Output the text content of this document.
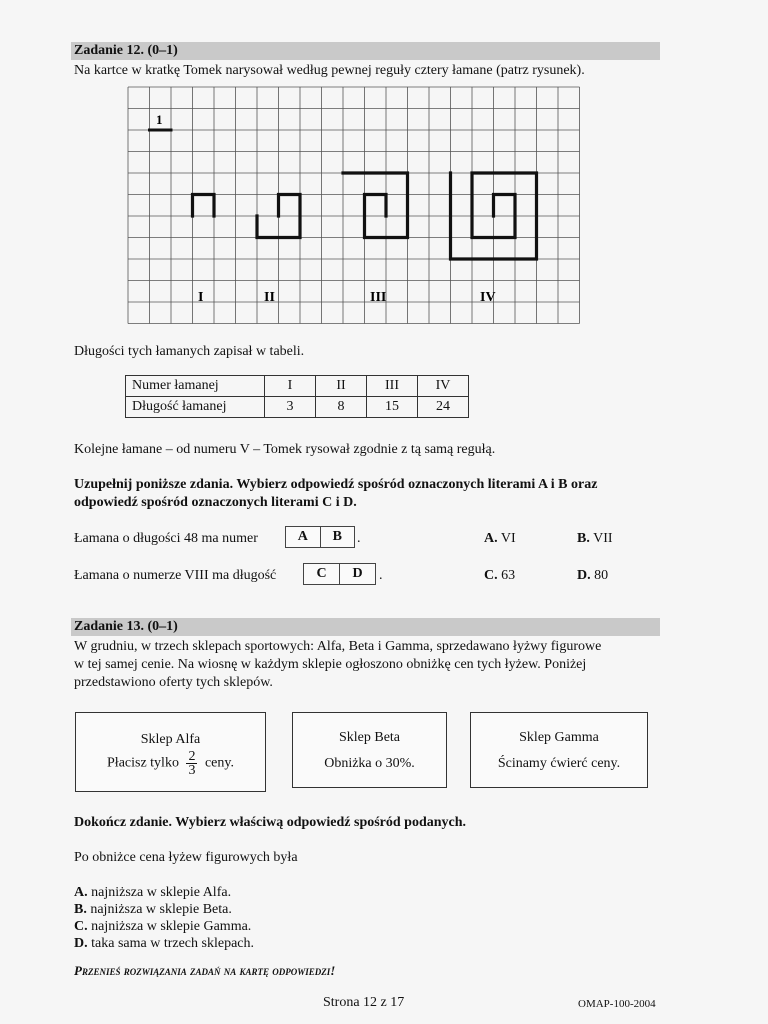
Zadanie 12. (0–1)
Na kartce w kratkę Tomek narysował według pewnej reguły cztery łamane (patrz rysunek).
1
I	II	III	IV
Długości tych łamanych zapisał w tabeli.
Numer łamanej	I	II	III	IV
Długość łamanej	3	8	15	24
Kolejne łamane – od numeru V – Tomek rysował zgodnie z tą samą regułą.
Uzupełnij poniższe zdania. Wybierz odpowiedź spośród oznaczonych literami A i B oraz
odpowiedź spośród oznaczonych literami C i D.
Łamana o długości 48 ma numer	A	B	.
Łamana o numerze VIII ma długość	C	D	.
A. VI	B. VII
C. 63	D. 80
Zadanie 13. (0–1)
W grudniu, w trzech sklepach sportowych: Alfa, Beta i Gamma, sprzedawano łyżwy figurowe
w tej samej cenie. Na wiosnę w każdym sklepie ogłoszono obniżkę cen tych łyżew. Poniżej
przedstawiono oferty tych sklepów.
Sklep Alfa
Płacisz tylko $\frac{2}{3}$ ceny.
Sklep Beta
Obniżka o 30%.
Sklep Gamma
Ścinamy ćwierć ceny.
Dokończ zdanie. Wybierz właściwą odpowiedź spośród podanych.
Po obniżce cena łyżew figurowych była
A. najniższa w sklepie Alfa.
B. najniższa w sklepie Beta.
C. najniższa w sklepie Gamma.
D. taka sama w trzech sklepach.
Przenieś rozwiązania zadań na kartę odpowiedzi!
Strona 12 z 17	OMAP-100-2004
